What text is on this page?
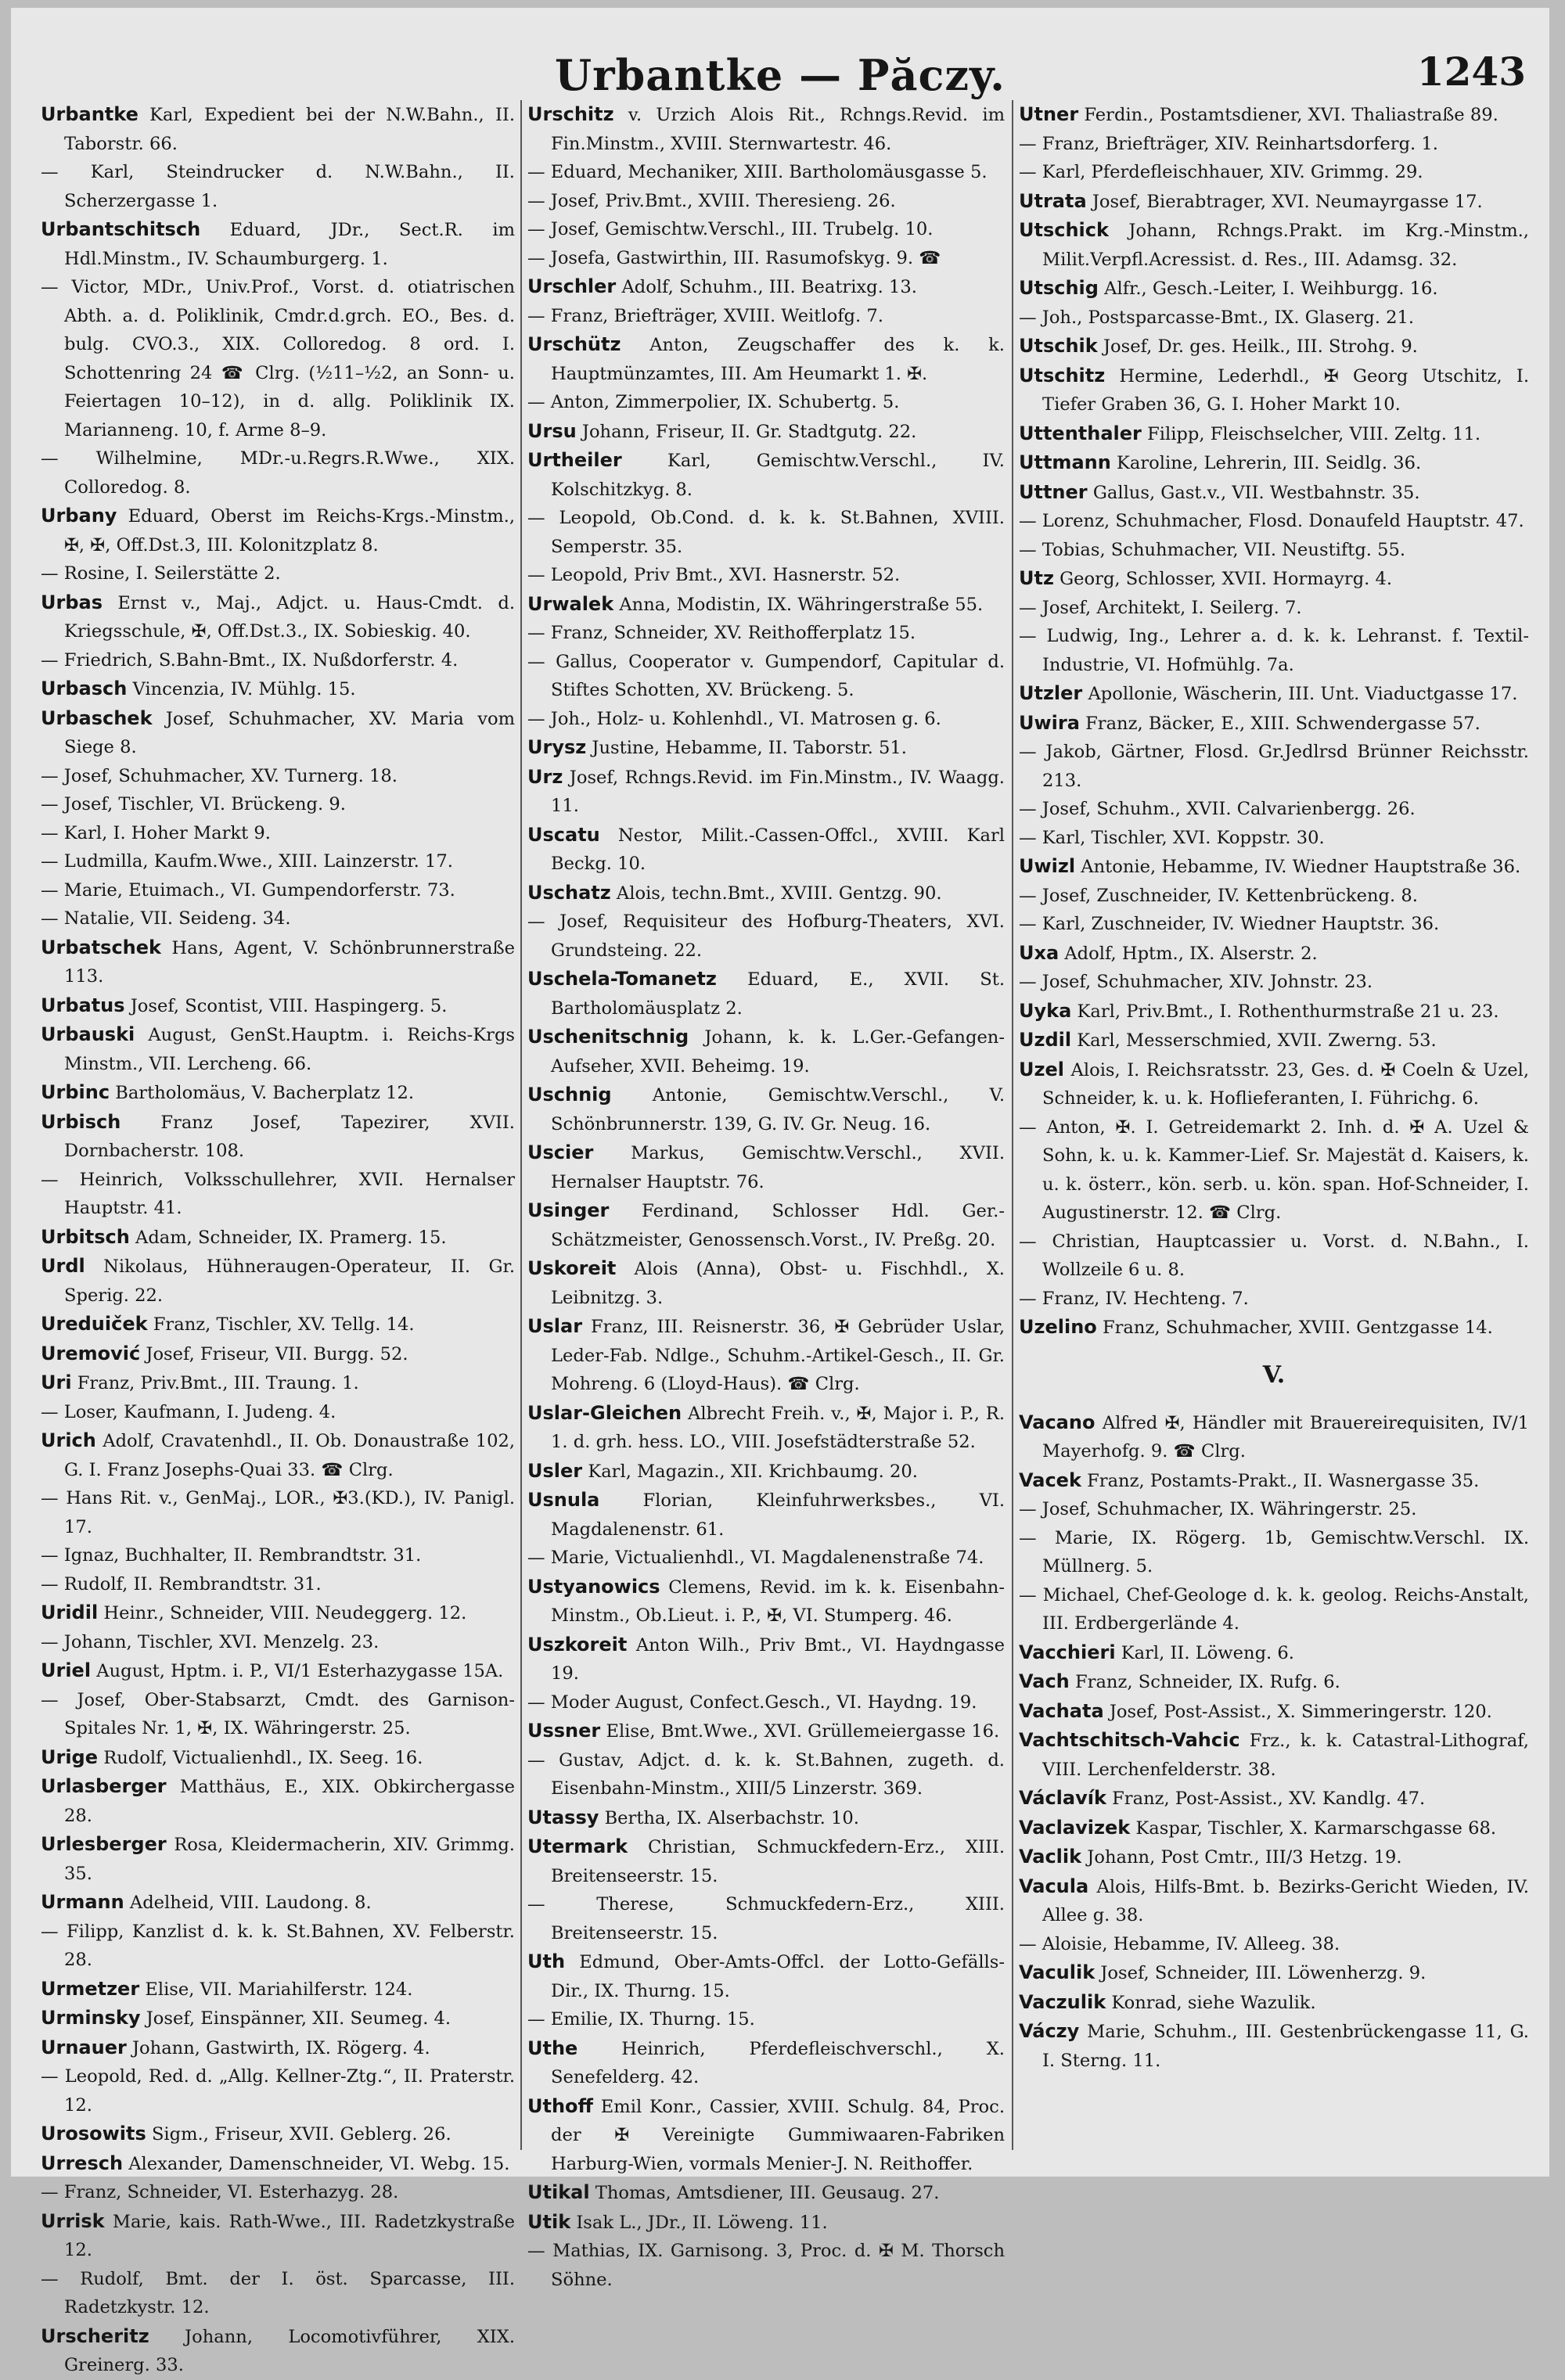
Urbantke — Păczy.	1243

Urbantke Karl, Expedient bei der N.W.Bahn., II. Taborstr. 66.

— Karl, Steindrucker d. N.W.Bahn., II. Scherzergasse 1.

Urbantschitsch Eduard, JDr., Sect.R. im Hdl.Minstm., IV. Schaumburgerg. 1.

— Victor, MDr., Univ.Prof., Vorst. d. otiatrischen Abth. a. d. Poliklinik, Cmdr.d.grch. EO., Bes. d. bulg. CVO.3., XIX. Colloredog. 8 ord. I. Schottenring 24 ☎ Clrg. (½11–½2, an Sonn- u. Feiertagen 10–12), in d. allg. Poliklinik IX. Marianneng. 10, f. Arme 8–9.

— Wilhelmine, MDr.-u.Regrs.R.Wwe., XIX. Colloredog. 8.

Urbany Eduard, Oberst im Reichs-Krgs.-Minstm., ✠, ✠, Off.Dst.3, III. Kolonitzplatz 8.

— Rosine, I. Seilerstätte 2.

Urbas Ernst v., Maj., Adjct. u. Haus-Cmdt. d. Kriegsschule, ✠, Off.Dst.3., IX. Sobieskig. 40.

— Friedrich, S.Bahn-Bmt., IX. Nußdorferstr. 4.

Urbasch Vincenzia, IV. Mühlg. 15.

Urbaschek Josef, Schuhmacher, XV. Maria vom Siege 8.

— Josef, Schuhmacher, XV. Turnerg. 18.

— Josef, Tischler, VI. Brückeng. 9.

— Karl, I. Hoher Markt 9.

— Ludmilla, Kaufm.Wwe., XIII. Lainzerstr. 17.

— Marie, Etuimach., VI. Gumpendorferstr. 73.

— Natalie, VII. Seideng. 34.

Urbatschek Hans, Agent, V. Schönbrunnerstraße 113.

Urbatus Josef, Scontist, VIII. Haspingerg. 5.

Urbauski August, GenSt.Hauptm. i. Reichs-Krgs Minstm., VII. Lercheng. 66.

Urbinc Bartholomäus, V. Bacherplatz 12.

Urbisch Franz Josef, Tapezirer, XVII. Dornbacherstr. 108.

— Heinrich, Volksschullehrer, XVII. Hernalser Hauptstr. 41.

Urbitsch Adam, Schneider, IX. Pramerg. 15.

Urdl Nikolaus, Hühneraugen-Operateur, II. Gr. Sperig. 22.

Ureduiček Franz, Tischler, XV. Tellg. 14.

Uremović Josef, Friseur, VII. Burgg. 52.

Uri Franz, Priv.Bmt., III. Traung. 1.

— Loser, Kaufmann, I. Judeng. 4.

Urich Adolf, Cravatenhdl., II. Ob. Donaustraße 102, G. I. Franz Josephs-Quai 33. ☎ Clrg.

— Hans Rit. v., GenMaj., LOR., ✠3.(KD.), IV. Panigl. 17.

— Ignaz, Buchhalter, II. Rembrandtstr. 31.

— Rudolf, II. Rembrandtstr. 31.

Uridil Heinr., Schneider, VIII. Neudeggerg. 12.

— Johann, Tischler, XVI. Menzelg. 23.

Uriel August, Hptm. i. P., VI/1 Esterhazygasse 15A.

— Josef, Ober-Stabsarzt, Cmdt. des Garnison-Spitales Nr. 1, ✠, IX. Währingerstr. 25.

Urige Rudolf, Victualienhdl., IX. Seeg. 16.

Urlasberger Matthäus, E., XIX. Obkirchergasse 28.

Urlesberger Rosa, Kleidermacherin, XIV. Grimmg. 35.

Urmann Adelheid, VIII. Laudong. 8.

— Filipp, Kanzlist d. k. k. St.Bahnen, XV. Felberstr. 28.

Urmetzer Elise, VII. Mariahilferstr. 124.

Urminsky Josef, Einspänner, XII. Seumeg. 4.

Urnauer Johann, Gastwirth, IX. Rögerg. 4.

— Leopold, Red. d. „Allg. Kellner-Ztg.“, II. Praterstr. 12.

Urosowits Sigm., Friseur, XVII. Geblerg. 26.

Urresch Alexander, Damenschneider, VI. Webg. 15.

— Franz, Schneider, VI. Esterhazyg. 28.

Urrisk Marie, kais. Rath-Wwe., III. Radetzkystraße 12.

— Rudolf, Bmt. der I. öst. Sparcasse, III. Radetzkystr. 12.

Urscheritz Johann, Locomotivführer, XIX. Greinerg. 33.

Urschitz v. Urzich Alois Rit., Rchngs.Revid. im Fin.Minstm., XVIII. Sternwartestr. 46.

— Eduard, Mechaniker, XIII. Bartholomäusgasse 5.

— Josef, Priv.Bmt., XVIII. Theresieng. 26.

— Josef, Gemischtw.Verschl., III. Trubelg. 10.

— Josefa, Gastwirthin, III. Rasumofskyg. 9. ☎

Urschler Adolf, Schuhm., III. Beatrixg. 13.

— Franz, Briefträger, XVIII. Weitlofg. 7.

Urschütz Anton, Zeugschaffer des k. k. Hauptmünzamtes, III. Am Heumarkt 1. ✠.

— Anton, Zimmerpolier, IX. Schubertg. 5.

Ursu Johann, Friseur, II. Gr. Stadtgutg. 22.

Urtheiler	Karl, Gemischtw.Verschl., IV. Kolschitzkyg. 8.

— Leopold, Ob.Cond. d. k. k. St.Bahnen, XVIII. Semperstr. 35.

— Leopold, Priv Bmt., XVI. Hasnerstr. 52.

Urwalek Anna, Modistin, IX. Währingerstraße 55.

— Franz, Schneider, XV. Reithofferplatz 15.

— Gallus, Cooperator v. Gumpendorf, Capitular d. Stiftes Schotten, XV. Brückeng. 5.

— Joh., Holz- u. Kohlenhdl., VI. Matrosen g. 6.

Urysz Justine, Hebamme, II. Taborstr. 51.

Urz Josef, Rchngs.Revid. im Fin.Minstm., IV. Waagg. 11.

Uscatu Nestor, Milit.-Cassen-Offcl., XVIII. Karl Beckg. 10.

Uschatz Alois, techn.Bmt., XVIII. Gentzg. 90.

— Josef, Requisiteur des Hofburg-Theaters, XVI. Grundsteing. 22.

Uschela-Tomanetz Eduard, E., XVII. St. Bartholomäusplatz 2.

Uschenitschnig Johann, k. k. L.Ger.-Gefangen-Aufseher, XVII. Beheimg. 19.

Uschnig Antonie, Gemischtw.Verschl., V. Schönbrunnerstr. 139, G. IV. Gr. Neug. 16.

Uscier Markus, Gemischtw.Verschl., XVII. Hernalser Hauptstr. 76.

Usinger Ferdinand, Schlosser Hdl. Ger.-Schätzmeister, Genossensch.Vorst., IV. Preßg. 20.

Uskoreit Alois (Anna), Obst- u. Fischhdl., X. Leibnitzg. 3.

Uslar Franz, III. Reisnerstr. 36, ✠ Gebrüder Uslar, Leder-Fab. Ndlge., Schuhm.-Artikel-Gesch., II. Gr. Mohreng. 6 (Lloyd-Haus). ☎ Clrg.

Uslar-Gleichen Albrecht Freih. v., ✠, Major i. P., R. 1. d. grh. hess. LO., VIII. Josefstädterstraße 52.

Usler Karl, Magazin., XII. Krichbaumg. 20.

Usnula Florian, Kleinfuhrwerksbes., VI. Magdalenenstr. 61.

— Marie, Victualienhdl., VI. Magdalenenstraße 74.

Ustyanowics Clemens, Revid. im k. k. Eisenbahn-Minstm., Ob.Lieut. i. P., ✠, VI. Stumperg. 46.

Uszkoreit Anton Wilh., Priv Bmt., VI. Haydngasse 19.

— Moder August, Confect.Gesch., VI. Haydng. 19.

Ussner Elise, Bmt.Wwe., XVI. Grüllemeiergasse 16.

— Gustav, Adjct. d. k. k. St.Bahnen, zugeth. d. Eisenbahn-Minstm., XIII/5 Linzerstr. 369.

Utassy Bertha, IX. Alserbachstr. 10.

Utermark Christian, Schmuckfedern-Erz., XIII. Breitenseerstr. 15.

— Therese, Schmuckfedern-Erz., XIII. Breitenseerstr. 15.

Uth Edmund, Ober-Amts-Offcl. der Lotto-Gefälls-Dir., IX. Thurng. 15.

— Emilie, IX. Thurng. 15.

Uthe Heinrich, Pferdefleischverschl., X. Senefelderg. 42.

Uthoff Emil Konr., Cassier, XVIII. Schulg. 84, Proc. der ✠ Vereinigte Gummiwaaren-Fabriken Harburg-Wien, vormals Menier-J. N. Reithoffer.

Utikal Thomas, Amtsdiener, III. Geusaug. 27.

Utik Isak L., JDr., II. Löweng. 11.

— Mathias, IX. Garnisong. 3, Proc. d. ✠ M. Thorsch Söhne.

Utner Ferdin., Postamtsdiener, XVI. Thaliastraße 89.

— Franz, Briefträger, XIV. Reinhartsdorferg. 1.

— Karl, Pferdefleischhauer, XIV. Grimmg. 29.

Utrata Josef, Bierabtrager, XVI. Neumayrgasse 17.

Utschick Johann, Rchngs.Prakt. im Krg.-Minstm., Milit.Verpfl.Acressist. d. Res., III. Adamsg. 32.

Utschig Alfr., Gesch.-Leiter, I. Weihburgg. 16.

— Joh., Postsparcasse-Bmt., IX. Glaserg. 21.

Utschik Josef, Dr. ges. Heilk., III. Strohg. 9.

Utschitz Hermine, Lederhdl., ✠ Georg Utschitz, I. Tiefer Graben 36, G. I. Hoher Markt 10.

Uttenthaler Filipp, Fleischselcher, VIII. Zeltg. 11.

Uttmann Karoline, Lehrerin, III. Seidlg. 36.

Uttner Gallus, Gast.v., VII. Westbahnstr. 35.

— Lorenz, Schuhmacher, Flosd. Donaufeld Hauptstr. 47.

— Tobias, Schuhmacher, VII. Neustiftg. 55.

Utz Georg, Schlosser, XVII. Hormayrg. 4.

— Josef, Architekt, I. Seilerg. 7.

— Ludwig, Ing., Lehrer a. d. k. k. Lehranst. f. Textil-Industrie, VI. Hofmühlg. 7a.

Utzler Apollonie, Wäscherin, III. Unt. Viaductgasse 17.

Uwira Franz, Bäcker, E., XIII. Schwendergasse 57.

— Jakob, Gärtner, Flosd. Gr.Jedlrsd Brünner Reichsstr. 213.

— Josef, Schuhm., XVII. Calvarienbergg. 26.

— Karl, Tischler, XVI. Koppstr. 30.

Uwizl Antonie, Hebamme, IV. Wiedner Hauptstraße 36.

— Josef, Zuschneider, IV. Kettenbrückeng. 8.

— Karl, Zuschneider, IV. Wiedner Hauptstr. 36.

Uxa Adolf, Hptm., IX. Alserstr. 2.

— Josef, Schuhmacher, XIV. Johnstr. 23.

Uyka Karl, Priv.Bmt., I. Rothenthurmstraße 21 u. 23.

Uzdil Karl, Messerschmied, XVII. Zwerng. 53.

Uzel Alois, I. Reichsratsstr. 23, Ges. d. ✠ Coeln & Uzel, Schneider, k. u. k. Hoflieferanten, I. Führichg. 6.

— Anton, ✠. I. Getreidemarkt 2. Inh. d. ✠ A. Uzel & Sohn, k. u. k. Kammer-Lief. Sr. Majestät d. Kaisers, k. u. k. österr., kön. serb. u. kön. span. Hof-Schneider, I. Augustinerstr. 12. ☎ Clrg.

— Christian, Hauptcassier u. Vorst. d. N.Bahn., I. Wollzeile 6 u. 8.

— Franz, IV. Hechteng. 7.

Uzelino Franz, Schuhmacher, XVIII. Gentzgasse 14.

V.

Vacano Alfred ✠, Händler mit Brauereirequisiten, IV/1 Mayerhofg. 9. ☎ Clrg.

Vacek Franz, Postamts-Prakt., II. Wasnergasse 35.

— Josef, Schuhmacher, IX. Währingerstr. 25.

— Marie, IX. Rögerg. 1b, Gemischtw.Verschl. IX. Müllnerg. 5.

— Michael, Chef-Geologe d. k. k. geolog. Reichs-Anstalt, III. Erdbergerlände 4.

Vacchieri Karl, II. Löweng. 6.

Vach Franz, Schneider, IX. Rufg. 6.

Vachata Josef, Post-Assist., X. Simmeringerstr. 120.

Vachtschitsch-Vahcic Frz., k. k. Catastral-Lithograf, VIII. Lerchenfelderstr. 38.

Václavík Franz, Post-Assist., XV. Kandlg. 47.

Vaclavizek Kaspar, Tischler, X. Karmarschgasse 68.

Vaclik Johann, Post Cmtr., III/3 Hetzg. 19.

Vacula Alois, Hilfs-Bmt. b. Bezirks-Gericht Wieden, IV. Allee g. 38.

— Aloisie, Hebamme, IV. Alleeg. 38.

Vaculik Josef, Schneider, III. Löwenherzg. 9.

Vaczulik Konrad, siehe Wazulik.

Váczy Marie, Schuhm., III. Gestenbrückengasse 11, G. I. Sterng. 11.
